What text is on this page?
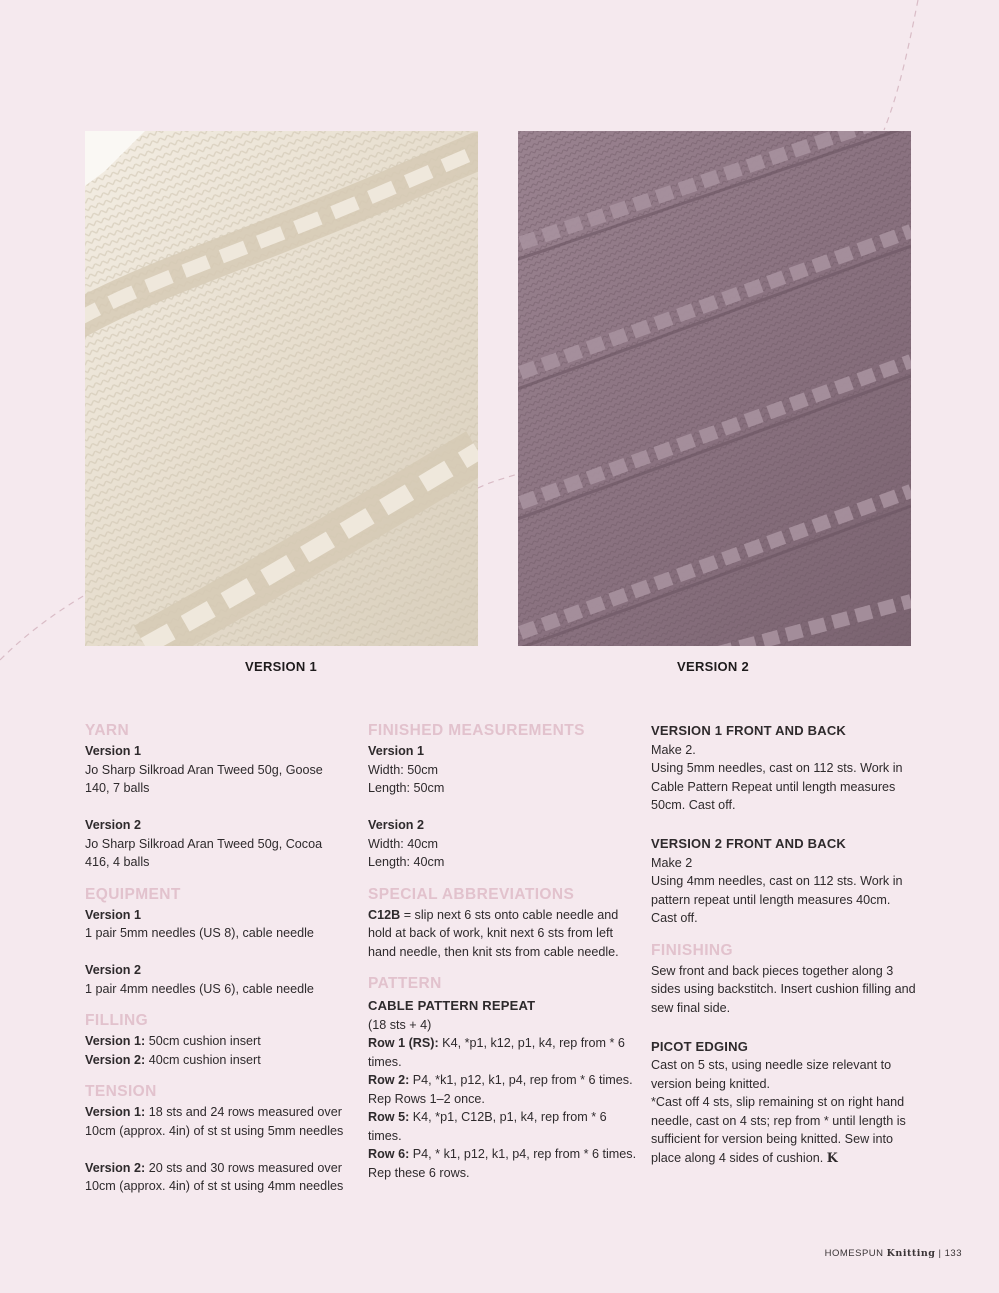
VERSION 1	VERSION 2
YARN

Version 1

Jo Sharp Silkroad Aran Tweed 50g, Goose 140, 7 balls

Version 2

Jo Sharp Silkroad Aran Tweed 50g, Cocoa 416, 4 balls

EQUIPMENT

Version 1

1 pair 5mm needles (US 8), cable needle

Version 2

1 pair 4mm needles (US 6), cable needle

FILLING

Version 1: 50cm cushion insert

Version 2: 40cm cushion insert

TENSION

Version 1: 18 sts and 24 rows measured over 10cm (approx. 4in) of st st using 5mm needles

Version 2: 20 sts and 30 rows measured over 10cm (approx. 4in) of st st using 4mm needles

FINISHED MEASUREMENTS

Version 1

Width: 50cm

Length: 50cm

Version 2

Width: 40cm

Length: 40cm

SPECIAL ABBREVIATIONS

C12B = slip next 6 sts onto cable needle and hold at back of work, knit next 6 sts from left hand needle, then knit sts from cable needle.

PATTERN

CABLE PATTERN REPEAT

(18 sts + 4)

Row 1 (RS): K4, *p1, k12, p1, k4, rep from * 6 times.

Row 2: P4, *k1, p12, k1, p4, rep from * 6 times.

Rep Rows 1–2 once.

Row 5: K4, *p1, C12B, p1, k4, rep from * 6 times.

Row 6: P4, * k1, p12, k1, p4, rep from * 6 times.

Rep these 6 rows.

VERSION 1 FRONT AND BACK

Make 2.

Using 5mm needles, cast on 112 sts. Work in Cable Pattern Repeat until length measures 50cm. Cast off.

VERSION 2 FRONT AND BACK

Make 2

Using 4mm needles, cast on 112 sts. Work in pattern repeat until length measures 40cm. Cast off.

FINISHING

Sew front and back pieces together along 3 sides using backstitch. Insert cushion filling and sew final side.

PICOT EDGING

Cast on 5 sts, using needle size relevant to version being knitted.

*Cast off 4 sts, slip remaining st on right hand needle, cast on 4 sts; rep from * until length is sufficient for version being knitted. Sew into place along 4 sides of cushion. K

HOMESPUN Knitting | 133
